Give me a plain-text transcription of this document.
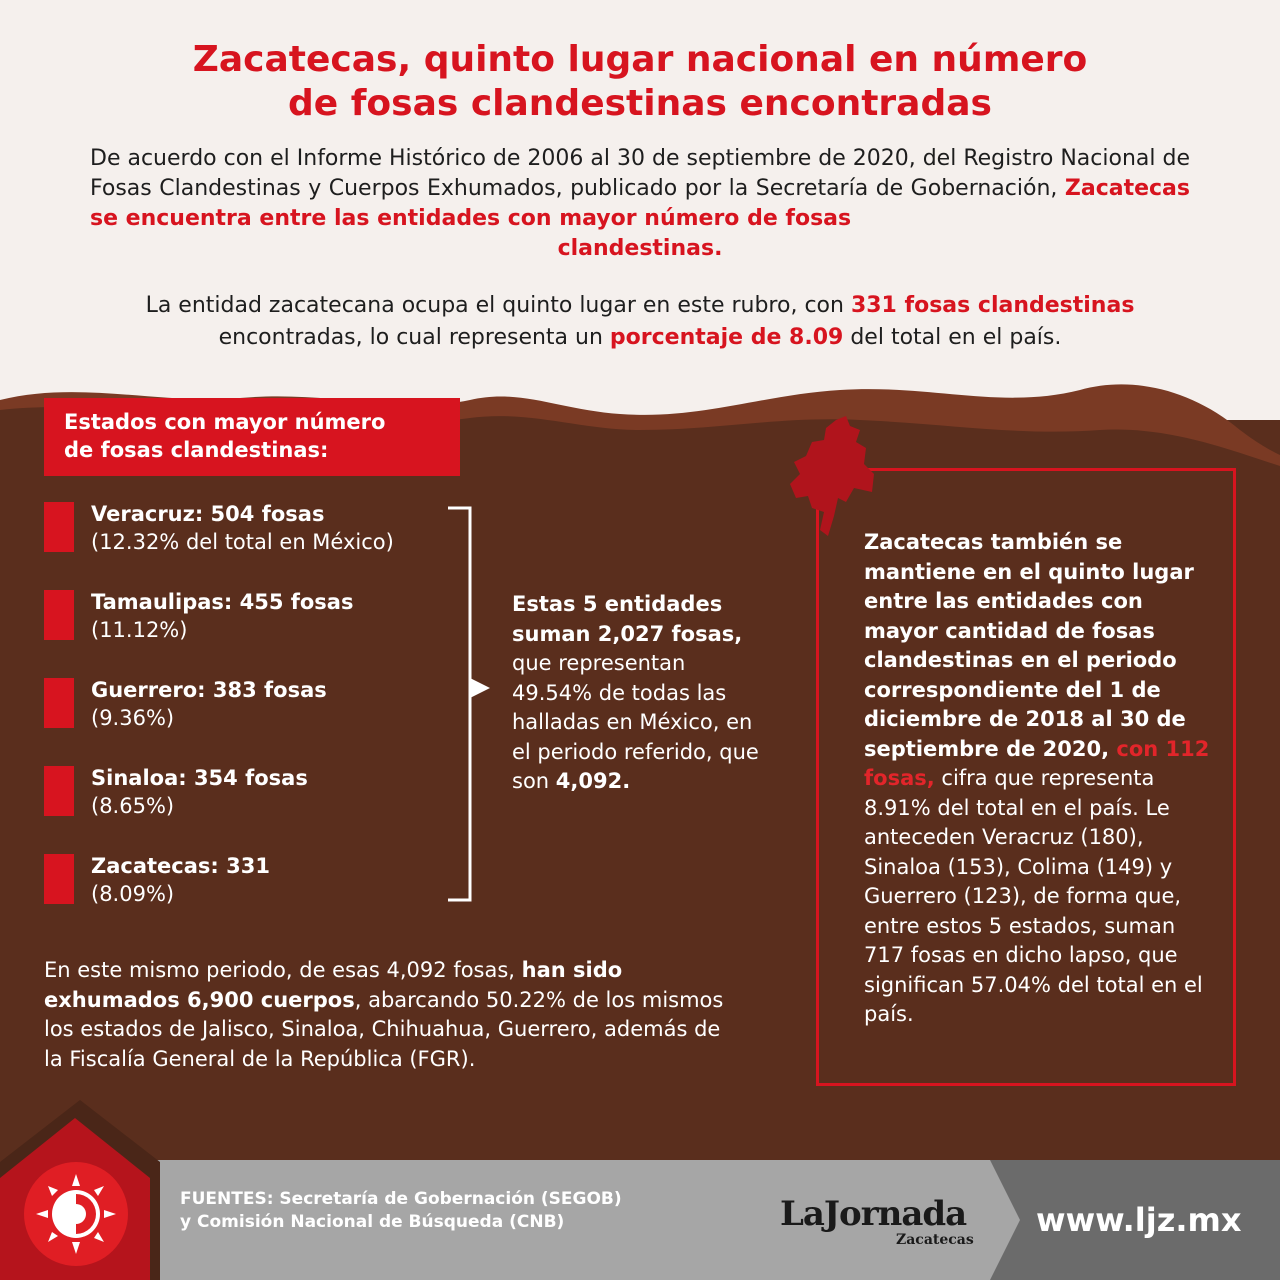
Zacatecas, quinto lugar nacional en número
de fosas clandestinas encontradas
De acuerdo con el Informe Histórico de 2006 al 30 de septiembre de 2020, del Registro Nacional de Fosas Clandestinas y Cuerpos Exhumados, publicado por la Secretaría de Gobernación, Zacatecas se encuentra entre las entidades con mayor número de fosas
clandestinas.
La entidad zacatecana ocupa el quinto lugar en este rubro, con 331 fosas clandestinas
encontradas, lo cual representa un porcentaje de 8.09 del total en el país.
Estados con mayor número
de fosas clandestinas:
Veracruz: 504 fosas
(12.32% del total en México)
Tamaulipas: 455 fosas
(11.12%)
Guerrero: 383 fosas
(9.36%)
Sinaloa: 354 fosas
(8.65%)
Zacatecas: 331
(8.09%)
Estas 5 entidades suman 2,027 fosas, que representan 49.54% de todas las halladas en México, en el periodo referido, que son 4,092.
En este mismo periodo, de esas 4,092 fosas, han sido exhumados 6,900 cuerpos, abarcando 50.22% de los mismos los estados de Jalisco, Sinaloa, Chihuahua, Guerrero, además de la Fiscalía General de la República (FGR).
Zacatecas también se mantiene en el quinto lugar entre las entidades con mayor cantidad de fosas clandestinas en el periodo correspondiente del 1 de diciembre de 2018 al 30 de septiembre de 2020, con 112 fosas, cifra que representa 8.91% del total en el país. Le anteceden Veracruz (180), Sinaloa (153), Colima (149) y Guerrero (123), de forma que, entre estos 5 estados, suman 717 fosas en dicho lapso, que significan 57.04% del total en el país.
FUENTES: Secretaría de Gobernación (SEGOB)
y Comisión Nacional de Búsqueda (CNB)	LaJornada
Zacatecas
www.ljz.mx
